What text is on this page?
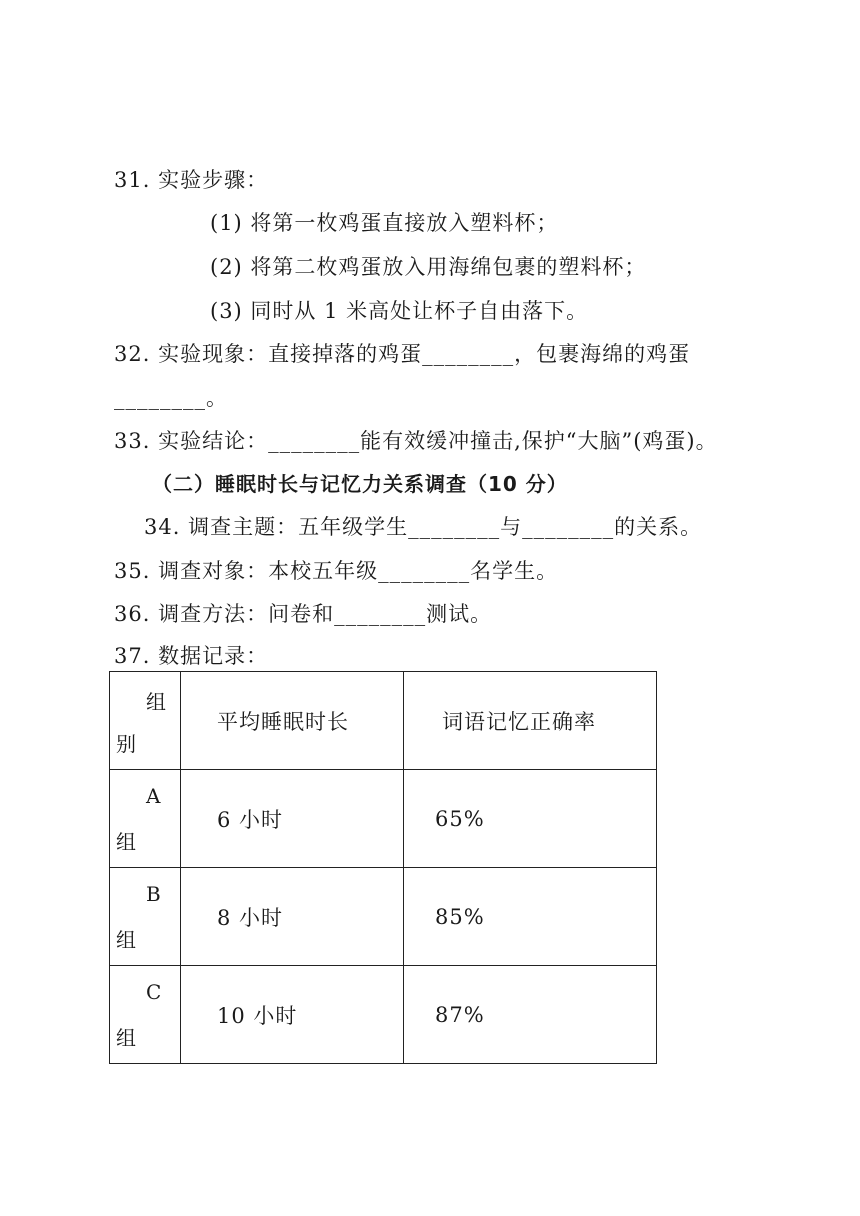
31. 实验步骤：
(1) 将第一枚鸡蛋直接放入塑料杯；
(2) 将第二枚鸡蛋放入用海绵包裹的塑料杯；
(3) 同时从 1 米高处让杯子自由落下。
32. 实验现象：直接掉落的鸡蛋________，包裹海绵的鸡蛋
________。
33. 实验结论：________能有效缓冲撞击,保护“大脑”(鸡蛋)。
（二）睡眠时长与记忆力关系调查（10 分）
34. 调查主题：五年级学生________与________的关系。
35. 调查对象：本校五年级________名学生。
36. 调查方法：问卷和________测试。
37. 数据记录：
组
别	平均睡眠时长	词语记忆正确率

A
组	6 小时	65%

B
组	8 小时	85%

C
组	10 小时	87%
